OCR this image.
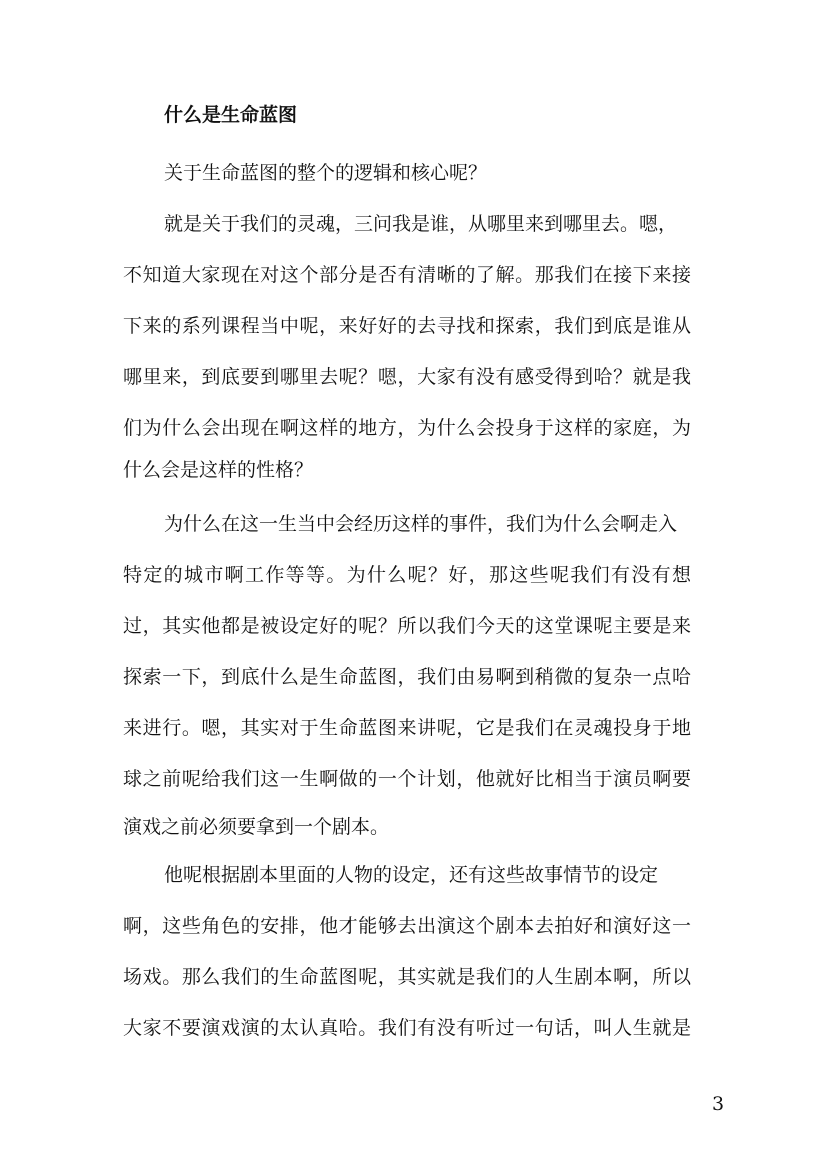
什么是生命蓝图
关于生命蓝图的整个的逻辑和核心呢？
就是关于我们的灵魂，三问我是谁，从哪里来到哪里去。嗯，
不知道大家现在对这个部分是否有清晰的了解。那我们在接下来接
下来的系列课程当中呢，来好好的去寻找和探索，我们到底是谁从
哪里来，到底要到哪里去呢？嗯，大家有没有感受得到哈？就是我
们为什么会出现在啊这样的地方，为什么会投身于这样的家庭，为
什么会是这样的性格？
为什么在这一生当中会经历这样的事件，我们为什么会啊走入
特定的城市啊工作等等。为什么呢？好，那这些呢我们有没有想
过，其实他都是被设定好的呢？所以我们今天的这堂课呢主要是来
探索一下，到底什么是生命蓝图，我们由易啊到稍微的复杂一点哈
来进行。嗯，其实对于生命蓝图来讲呢，它是我们在灵魂投身于地
球之前呢给我们这一生啊做的一个计划，他就好比相当于演员啊要
演戏之前必须要拿到一个剧本。
他呢根据剧本里面的人物的设定，还有这些故事情节的设定
啊，这些角色的安排，他才能够去出演这个剧本去拍好和演好这一
场戏。那么我们的生命蓝图呢，其实就是我们的人生剧本啊，所以
大家不要演戏演的太认真哈。我们有没有听过一句话，叫人生就是
3
